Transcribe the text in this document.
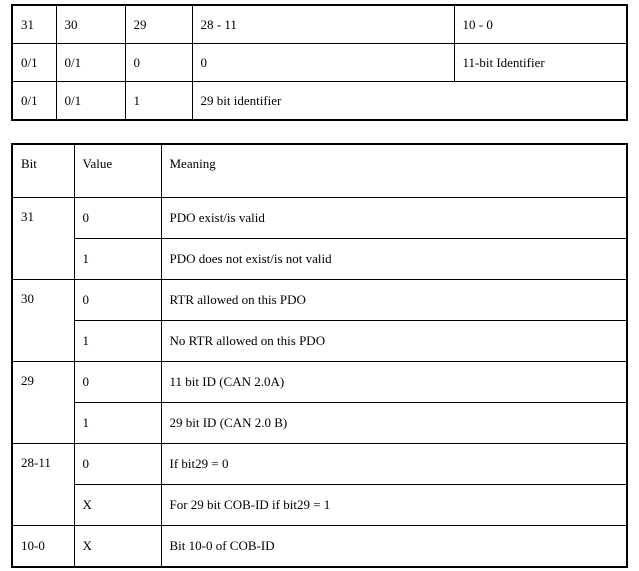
31	30	29	28 - 11	10 - 0
0/1	0/1	0	0	11-bit Identifier
0/1	0/1	1	29 bit identifier	
Bit	Value	Meaning
31	0	PDO exist/is valid
	1	PDO does not exist/is not valid
30	0	RTR allowed on this PDO
	1	No RTR allowed on this PDO
29	0	11 bit ID (CAN 2.0A)
	1	29 bit ID (CAN 2.0 B)
28-11	0	If bit29 = 0
	X	For 29 bit COB-ID if bit29 = 1
10-0	X	Bit 10-0 of COB-ID
